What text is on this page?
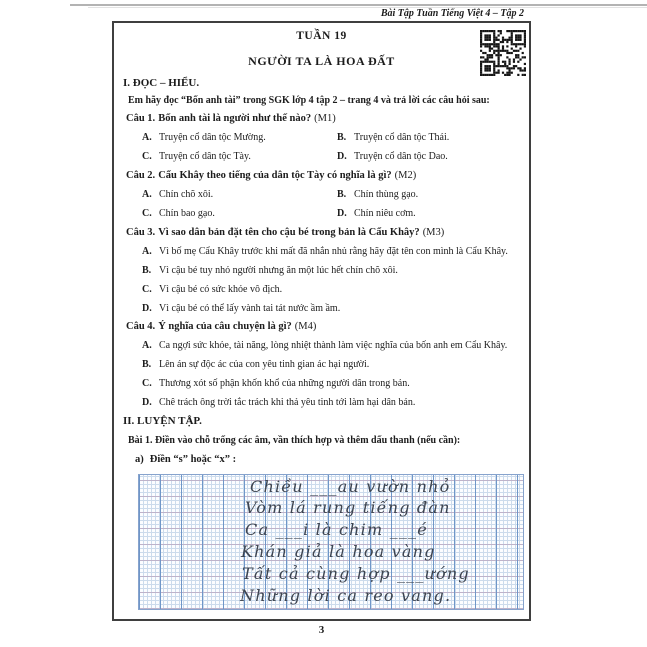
Bài Tập Tuần Tiếng Việt 4 – Tập 2
TUẦN 19
NGƯỜI TA LÀ HOA ĐẤT
I. ĐỌC – HIỂU.
Em hãy đọc “Bốn anh tài” trong SGK lớp 4 tập 2 – trang 4 và trả lời các câu hỏi sau:
Câu 1. Bốn anh tài là người như thế nào? (M1)
A. Truyện cổ dân tộc Mường.	B. Truyện cổ dân tộc Thái.
C. Truyện cổ dân tộc Tày.	D. Truyện cổ dân tộc Dao.
Câu 2. Cẩu Khây theo tiếng của dân tộc Tày có nghĩa là gì? (M2)
A. Chín chõ xôi.	B. Chín thùng gạo.
C. Chín bao gạo.	D. Chín niêu cơm.
Câu 3. Vì sao dân bản đặt tên cho cậu bé trong bản là Cẩu Khây? (M3)
A. Vì bố mẹ Cẩu Khây trước khi mất đã nhắn nhủ rằng hãy đặt tên con mình là Cẩu Khây.
B. Vì cậu bé tuy nhỏ người nhưng ăn một lúc hết chín chõ xôi.
C. Vì cậu bé có sức khỏe vô địch.
D. Vì cậu bé có thể lấy vành tai tát nước ầm ầm.
Câu 4. Ý nghĩa của câu chuyện là gì? (M4)
A. Ca ngợi sức khỏe, tài năng, lòng nhiệt thành làm việc nghĩa của bốn anh em Cẩu Khây.
B. Lên án sự độc ác của con yêu tinh gian ác hại người.
C. Thương xót số phận khốn khổ của những người dân trong bản.
D. Chê trách ông trời tắc trách khi thả yêu tinh tới làm hại dân bản.
II. LUYỆN TẬP.
Bài 1. Điền vào chỗ trống các âm, vần thích hợp và thêm dấu thanh (nếu cần):
a) Điền “s” hoặc “x” :
Chiều ___au vườn nhỏ
Vòm lá rung tiếng đàn
Ca ___i là chim ___é
Khán giả là hoa vàng
Tất cả cùng hợp ___ướng
Những lời ca reo vang.
3
